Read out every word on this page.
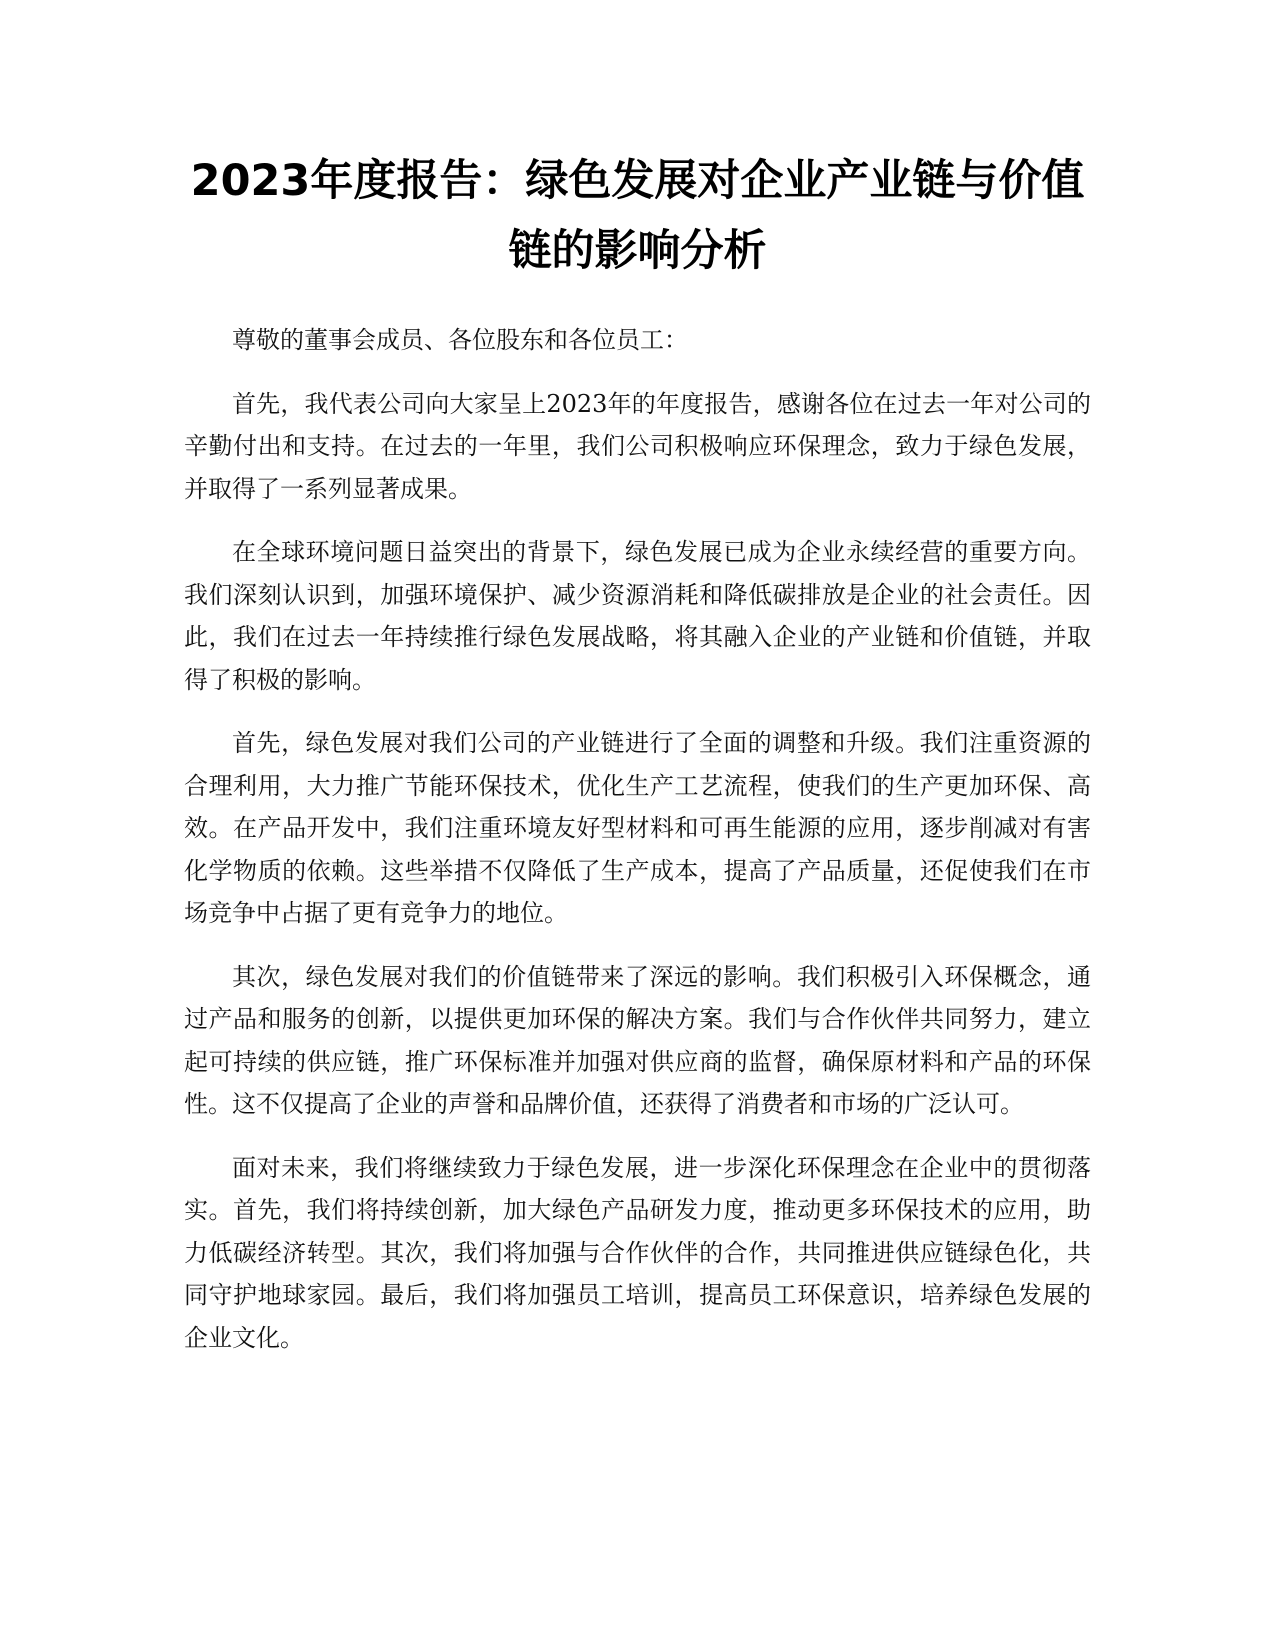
2023年度报告：绿色发展对企业产业链与价值链的影响分析

尊敬的董事会成员、各位股东和各位员工：

首先，我代表公司向大家呈上2023年的年度报告，感谢各位在过去一年对公司的辛勤付出和支持。在过去的一年里，我们公司积极响应环保理念，致力于绿色发展，并取得了一系列显著成果。

在全球环境问题日益突出的背景下，绿色发展已成为企业永续经营的重要方向。我们深刻认识到，加强环境保护、减少资源消耗和降低碳排放是企业的社会责任。因此，我们在过去一年持续推行绿色发展战略，将其融入企业的产业链和价值链，并取得了积极的影响。

首先，绿色发展对我们公司的产业链进行了全面的调整和升级。我们注重资源的合理利用，大力推广节能环保技术，优化生产工艺流程，使我们的生产更加环保、高效。在产品开发中，我们注重环境友好型材料和可再生能源的应用，逐步削减对有害化学物质的依赖。这些举措不仅降低了生产成本，提高了产品质量，还促使我们在市场竞争中占据了更有竞争力的地位。

其次，绿色发展对我们的价值链带来了深远的影响。我们积极引入环保概念，通过产品和服务的创新，以提供更加环保的解决方案。我们与合作伙伴共同努力，建立起可持续的供应链，推广环保标准并加强对供应商的监督，确保原材料和产品的环保性。这不仅提高了企业的声誉和品牌价值，还获得了消费者和市场的广泛认可。

面对未来，我们将继续致力于绿色发展，进一步深化环保理念在企业中的贯彻落实。首先，我们将持续创新，加大绿色产品研发力度，推动更多环保技术的应用，助力低碳经济转型。其次，我们将加强与合作伙伴的合作，共同推进供应链绿色化，共同守护地球家园。最后，我们将加强员工培训，提高员工环保意识，培养绿色发展的企业文化。
